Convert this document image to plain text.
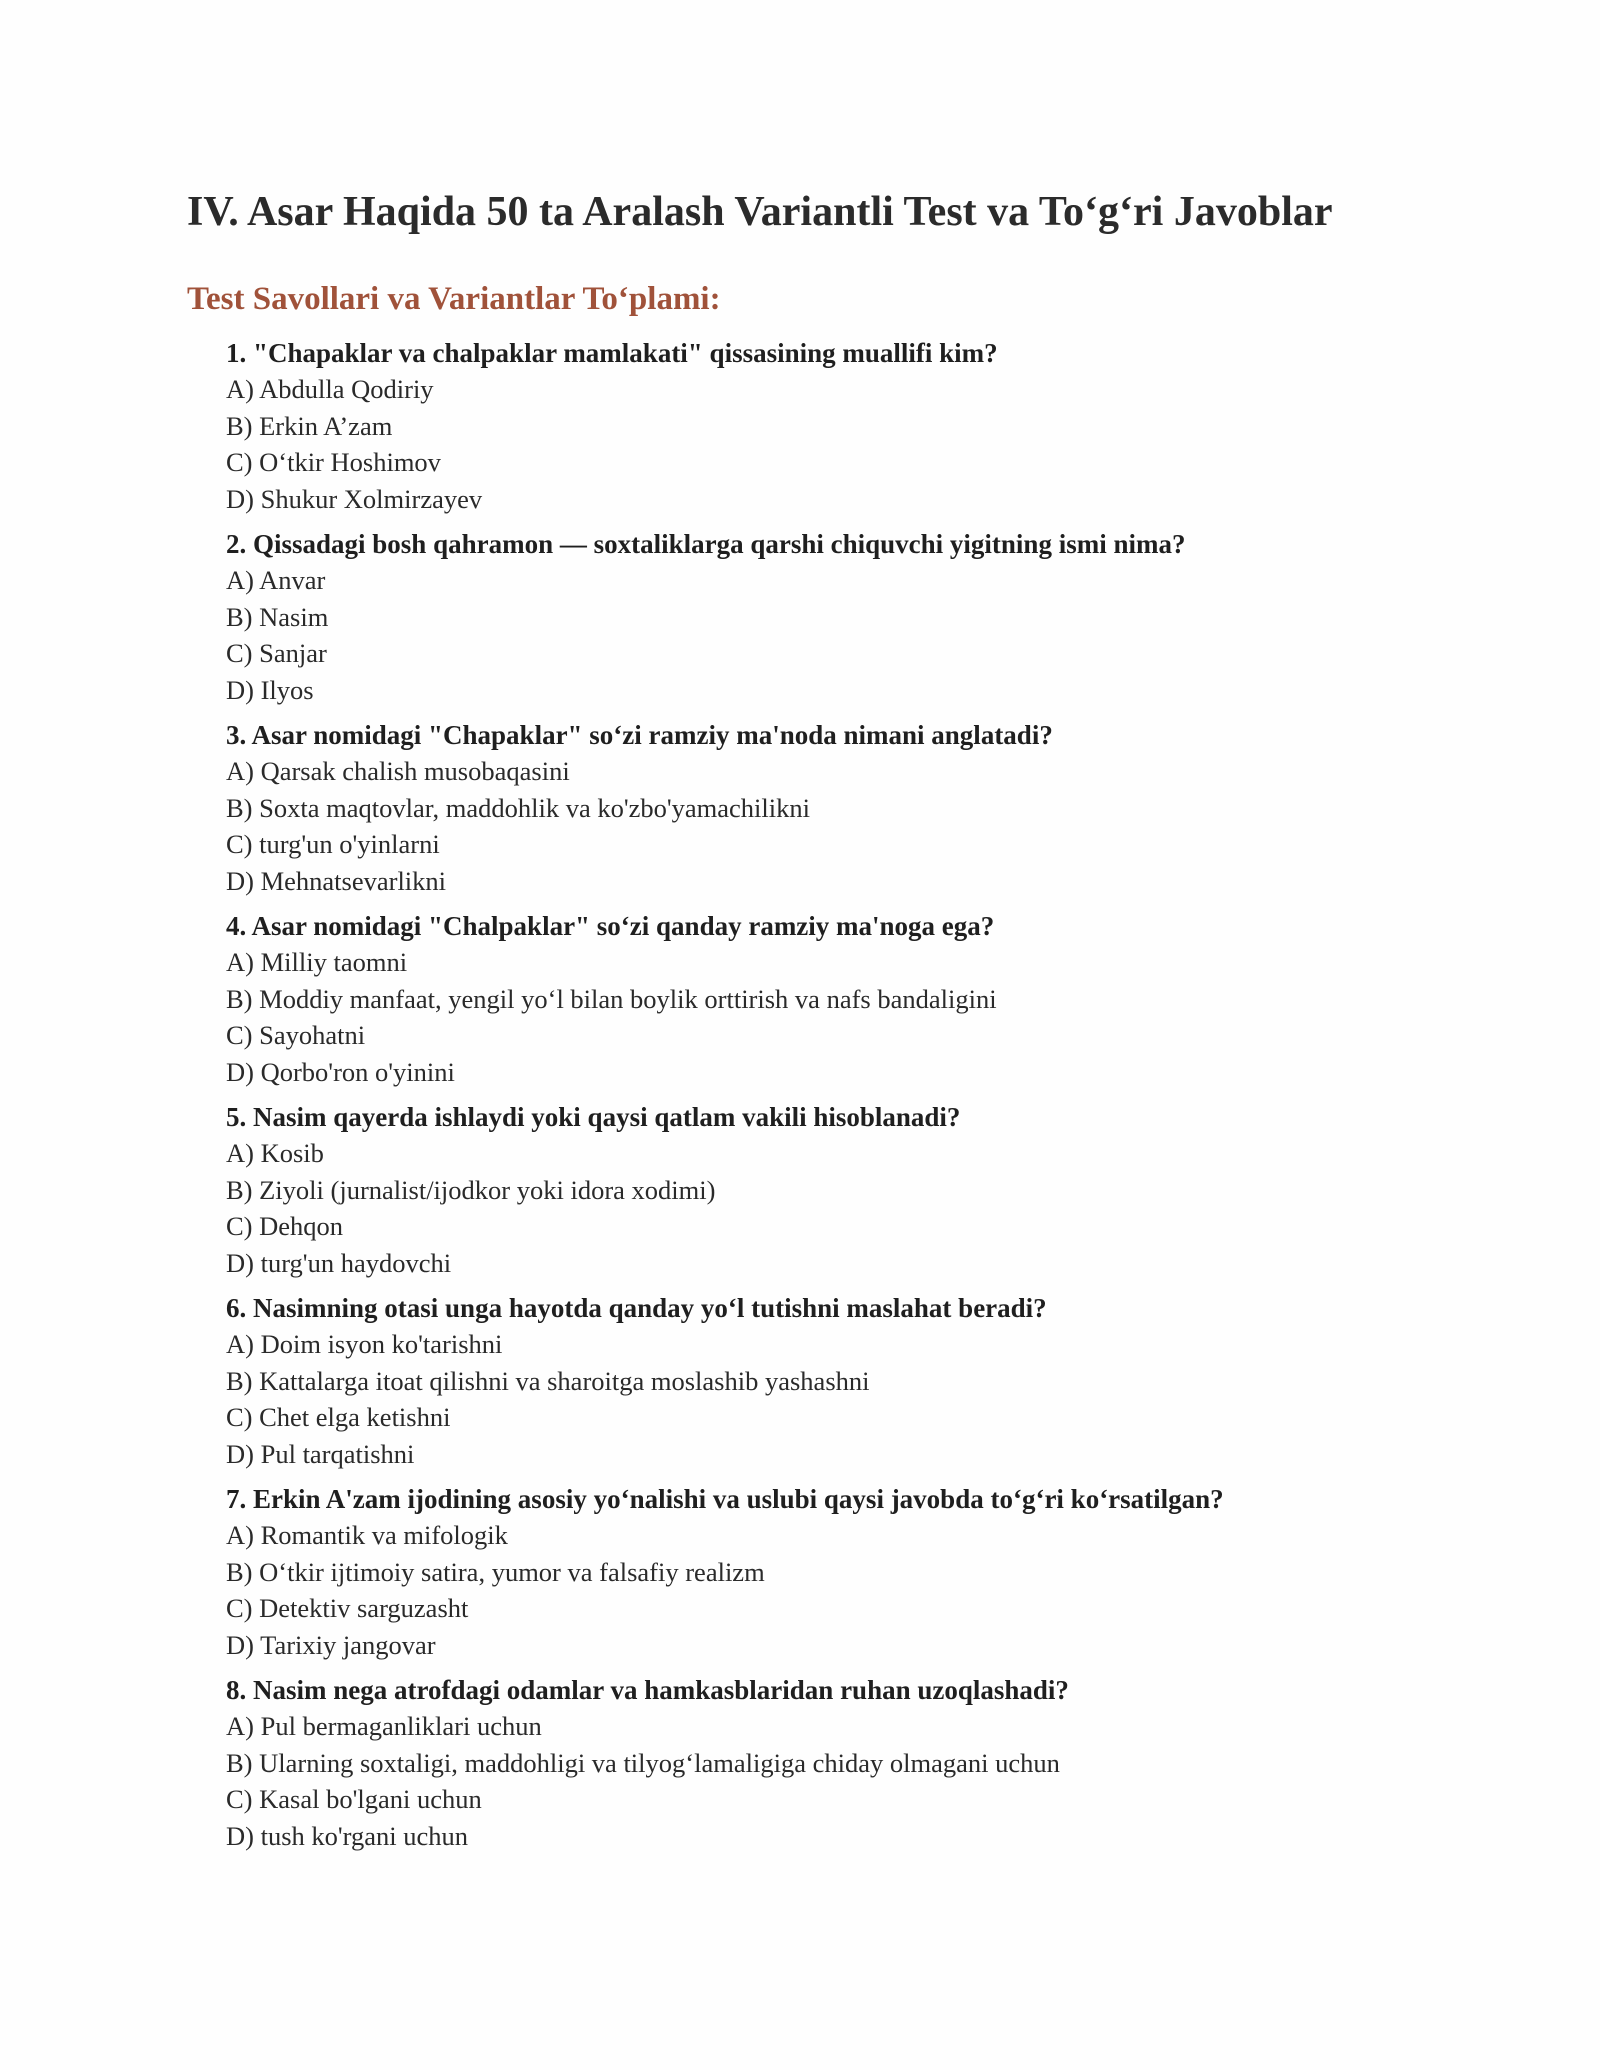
IV. Asar Haqida 50 ta Aralash Variantli Test va To‘g‘ri Javoblar
Test Savollari va Variantlar To‘plami:
1. "Chapaklar va chalpaklar mamlakati" qissasining muallifi kim?
A) Abdulla Qodiriy
B) Erkin A’zam
C) O‘tkir Hoshimov
D) Shukur Xolmirzayev
2. Qissadagi bosh qahramon — soxtaliklarga qarshi chiquvchi yigitning ismi nima?
A) Anvar
B) Nasim
C) Sanjar
D) Ilyos
3. Asar nomidagi "Chapaklar" so‘zi ramziy ma'noda nimani anglatadi?
A) Qarsak chalish musobaqasini
B) Soxta maqtovlar, maddohlik va ko'zbo'yamachilikni
C) turg'un o'yinlarni
D) Mehnatsevarlikni
4. Asar nomidagi "Chalpaklar" so‘zi qanday ramziy ma'noga ega?
A) Milliy taomni
B) Moddiy manfaat, yengil yo‘l bilan boylik orttirish va nafs bandaligini
C) Sayohatni
D) Qorbo'ron o'yinini
5. Nasim qayerda ishlaydi yoki qaysi qatlam vakili hisoblanadi?
A) Kosib
B) Ziyoli (jurnalist/ijodkor yoki idora xodimi)
C) Dehqon
D) turg'un haydovchi
6. Nasimning otasi unga hayotda qanday yo‘l tutishni maslahat beradi?
A) Doim isyon ko'tarishni
B) Kattalarga itoat qilishni va sharoitga moslashib yashashni
C) Chet elga ketishni
D) Pul tarqatishni
7. Erkin A'zam ijodining asosiy yo‘nalishi va uslubi qaysi javobda to‘g‘ri ko‘rsatilgan?
A) Romantik va mifologik
B) O‘tkir ijtimoiy satira, yumor va falsafiy realizm
C) Detektiv sarguzasht
D) Tarixiy jangovar
8. Nasim nega atrofdagi odamlar va hamkasblaridan ruhan uzoqlashadi?
A) Pul bermaganliklari uchun
B) Ularning soxtaligi, maddohligi va tilyog‘lamaligiga chiday olmagani uchun
C) Kasal bo'lgani uchun
D) tush ko'rgani uchun
